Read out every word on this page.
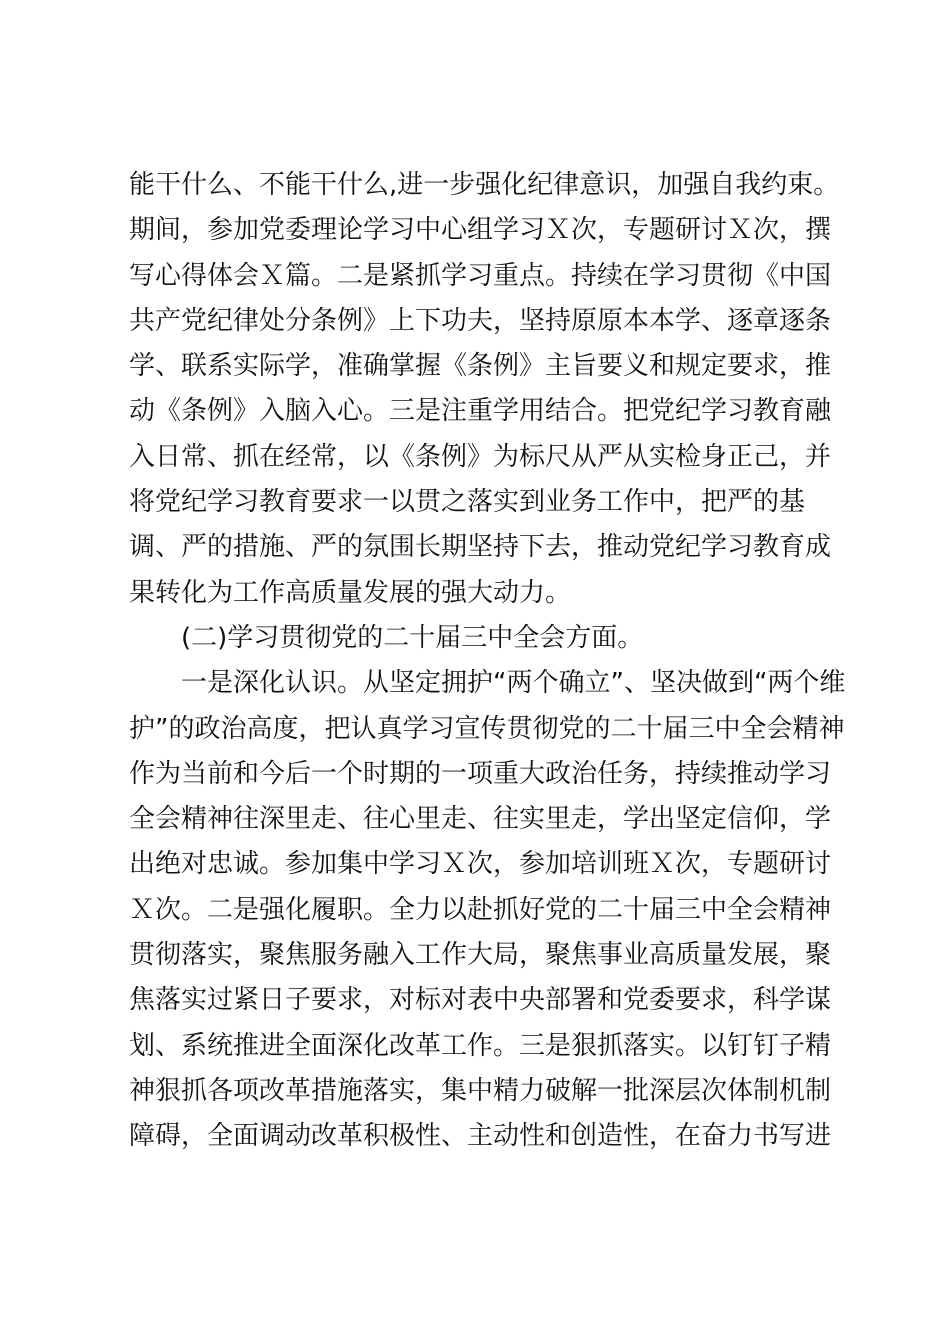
能干什么、不能干什么,进一步强化纪律意识，加强自我约束。
期间，参加党委理论学习中心组学习Ｘ次，专题研讨Ｘ次，撰
写心得体会Ｘ篇。二是紧抓学习重点。持续在学习贯彻《中国
共产党纪律处分条例》上下功夫，坚持原原本本学、逐章逐条
学、联系实际学，准确掌握《条例》主旨要义和规定要求，推
动《条例》入脑入心。三是注重学用结合。把党纪学习教育融
入日常、抓在经常，以《条例》为标尺从严从实检身正己，并
将党纪学习教育要求一以贯之落实到业务工作中，把严的基
调、严的措施、严的氛围长期坚持下去，推动党纪学习教育成
果转化为工作高质量发展的强大动力。
(二)学习贯彻党的二十届三中全会方面。
一是深化认识。从坚定拥护“两个确立”、坚决做到“两个维
护”的政治高度，把认真学习宣传贯彻党的二十届三中全会精神
作为当前和今后一个时期的一项重大政治任务，持续推动学习
全会精神往深里走、往心里走、往实里走，学出坚定信仰，学
出绝对忠诚。参加集中学习Ｘ次，参加培训班Ｘ次，专题研讨
Ｘ次。二是强化履职。全力以赴抓好党的二十届三中全会精神
贯彻落实，聚焦服务融入工作大局，聚焦事业高质量发展，聚
焦落实过紧日子要求，对标对表中央部署和党委要求，科学谋
划、系统推进全面深化改革工作。三是狠抓落实。以钉钉子精
神狠抓各项改革措施落实，集中精力破解一批深层次体制机制
障碍，全面调动改革积极性、主动性和创造性，在奋力书写进
